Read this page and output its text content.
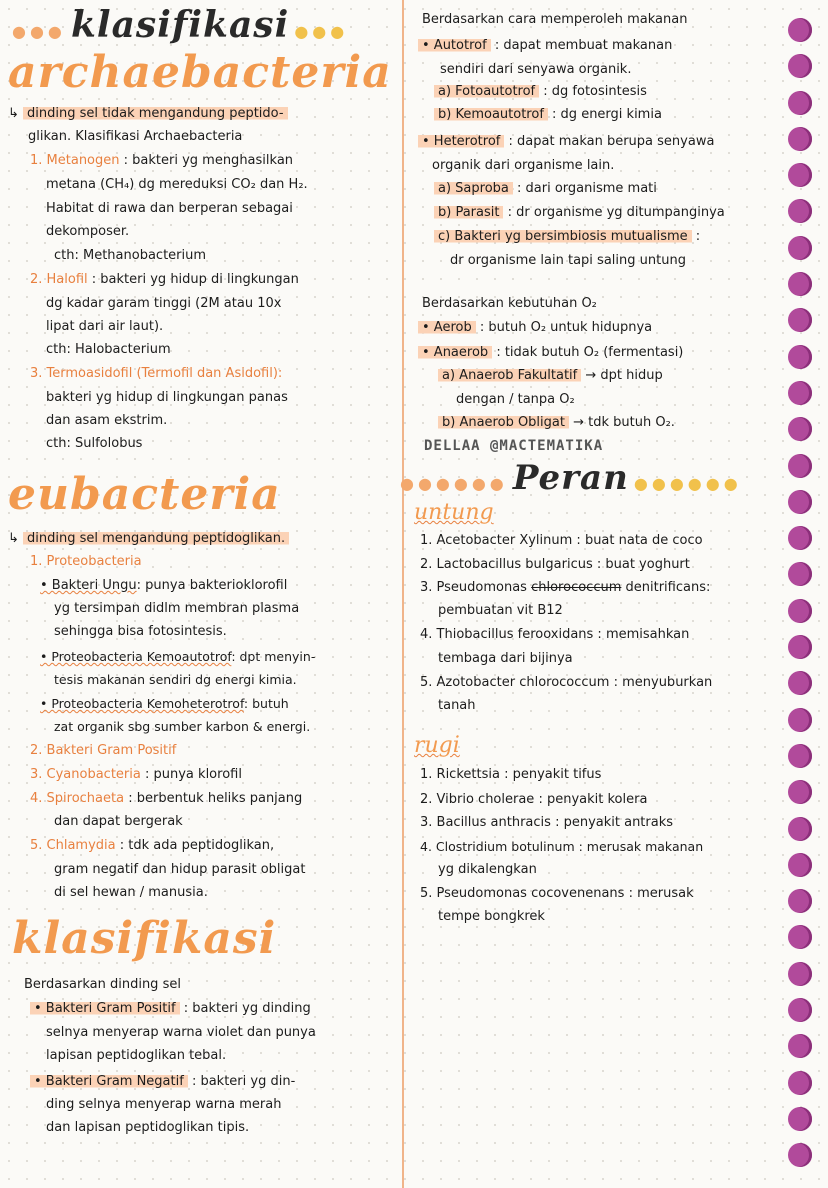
●●● klasifikasi ●●●
archaebacteria
↳ dinding sel tidak mengandung peptido-
glikan. Klasifikasi Archaebacteria
1. Metanogen : bakteri yg menghasilkan
metana (CH₄) dg mereduksi CO₂ dan H₂.
Habitat di rawa dan berperan sebagai
dekomposer.
cth: Methanobacterium
2. Halofil : bakteri yg hidup di lingkungan
dg kadar garam tinggi (2M atau 10x
lipat dari air laut).
cth: Halobacterium
3. Termoasidofil (Termofil dan Asidofil):
bakteri yg hidup di lingkungan panas
dan asam ekstrim.
cth: Sulfolobus
eubacteria
↳ dinding sel mengandung peptidoglikan.
1. Proteobacteria
• Bakteri Ungu: punya bakterioklorofil
yg tersimpan didlm membran plasma
sehingga bisa fotosintesis.
• Proteobacteria Kemoautotrof: dpt menyin-
tesis makanan sendiri dg energi kimia.
• Proteobacteria Kemoheterotrof: butuh
zat organik sbg sumber karbon & energi.
2. Bakteri Gram Positif
3. Cyanobacteria : punya klorofil
4. Spirochaeta : berbentuk heliks panjang
dan dapat bergerak
5. Chlamydia : tdk ada peptidoglikan,
gram negatif dan hidup parasit obligat
di sel hewan / manusia.
klasifikasi
Berdasarkan dinding sel
• Bakteri Gram Positif : bakteri yg dinding
selnya menyerap warna violet dan punya
lapisan peptidoglikan tebal.
• Bakteri Gram Negatif : bakteri yg din-
ding selnya menyerap warna merah
dan lapisan peptidoglikan tipis.
Berdasarkan cara memperoleh makanan
• Autotrof : dapat membuat makanan
sendiri dari senyawa organik.
a) Fotoautotrof : dg fotosintesis
b) Kemoautotrof : dg energi kimia
• Heterotrof : dapat makan berupa senyawa
organik dari organisme lain.
a) Saproba : dari organisme mati
b) Parasit : dr organisme yg ditumpanginya
c) Bakteri yg bersimbiosis mutualisme :
dr organisme lain tapi saling untung
Berdasarkan kebutuhan O₂
• Aerob : butuh O₂ untuk hidupnya
• Anaerob : tidak butuh O₂ (fermentasi)
a) Anaerob Fakultatif → dpt hidup
dengan / tanpa O₂
b) Anaerob Obligat → tdk butuh O₂.
DELLAA @MACTEMATIKA
●●●●●● Peran ●●●●●●
untung
1. Acetobacter Xylinum : buat nata de coco
2. Lactobacillus bulgaricus : buat yoghurt
3. Pseudomonas chlorococcum denitrificans:
pembuatan vit B12
4. Thiobacillus ferooxidans : memisahkan
tembaga dari bijinya
5. Azotobacter chlorococcum : menyuburkan
tanah
rugi
1. Rickettsia : penyakit tifus
2. Vibrio cholerae : penyakit kolera
3. Bacillus anthracis : penyakit antraks
4. Clostridium botulinum : merusak makanan
yg dikalengkan
5. Pseudomonas cocovenenans : merusak
tempe bongkrek
